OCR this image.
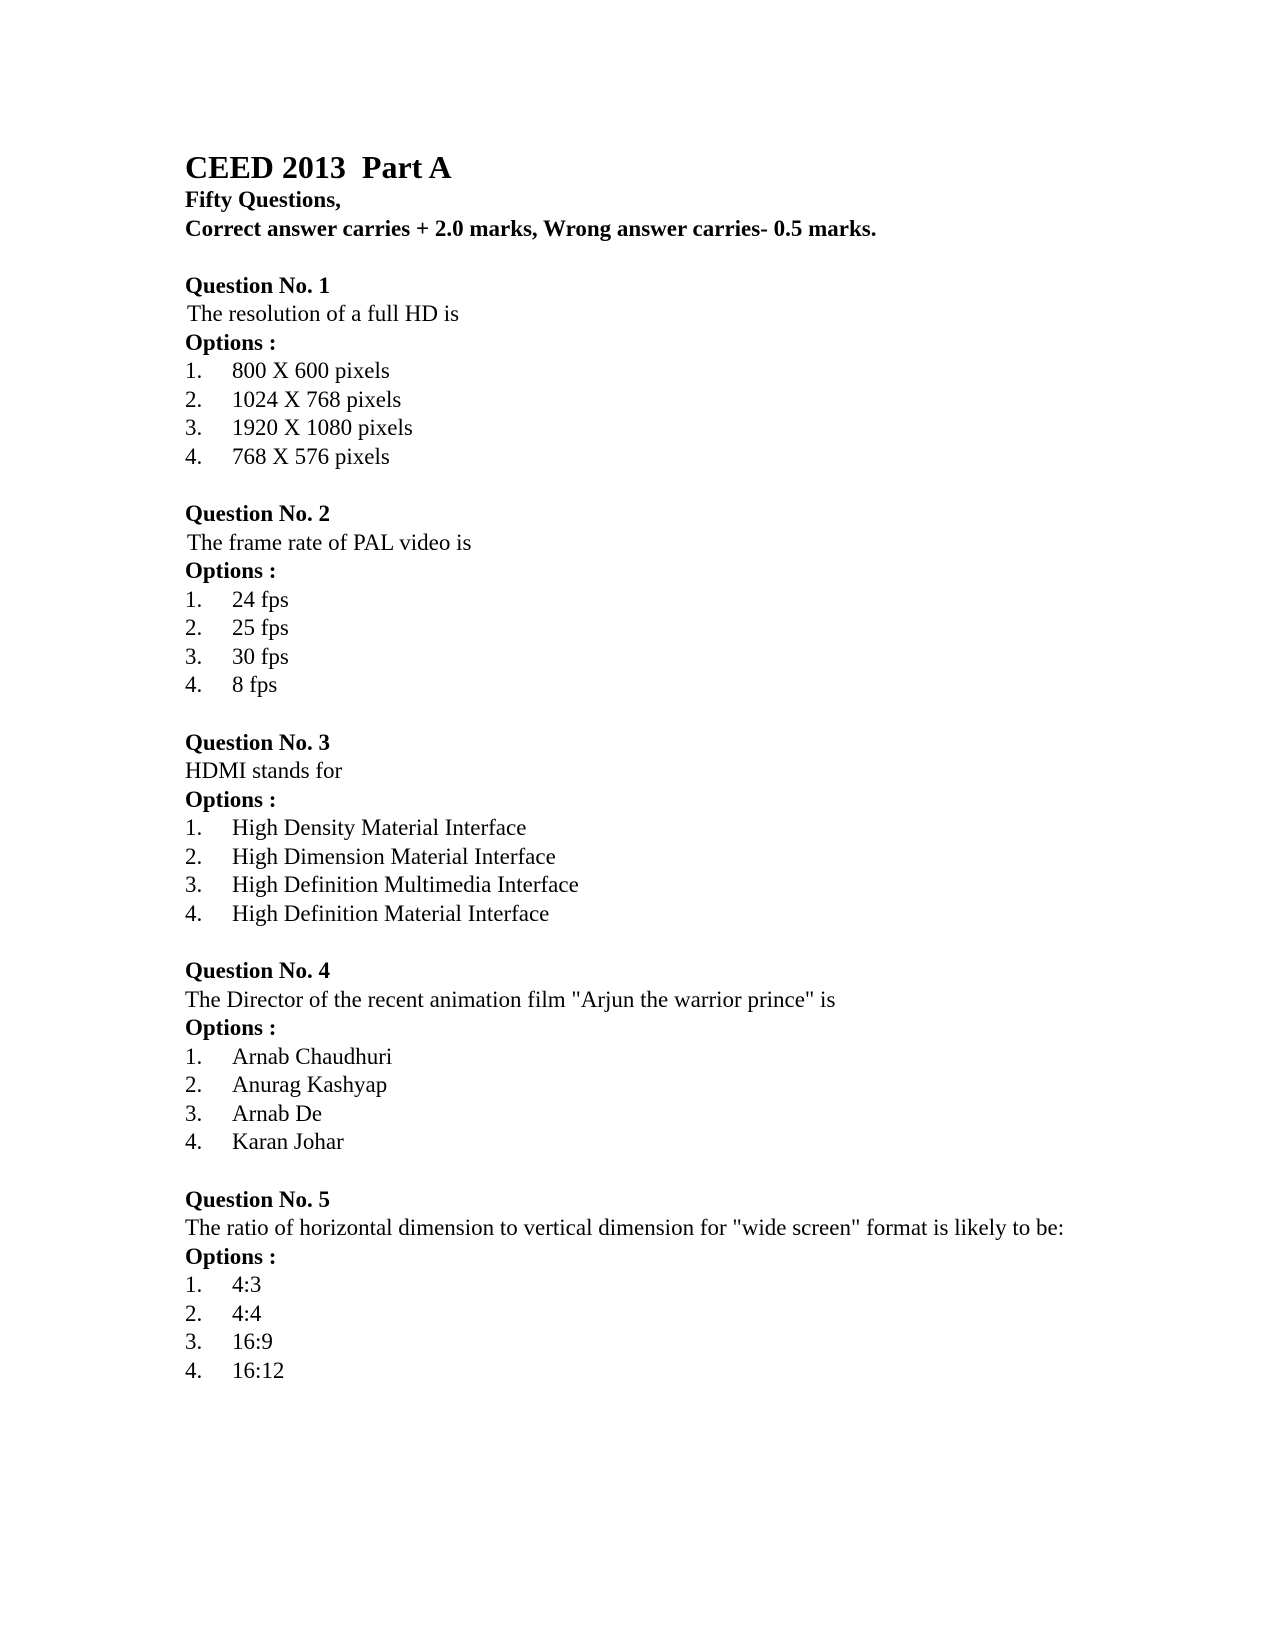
CEED 2013  Part A

Fifty Questions,

Correct answer carries + 2.0 marks, Wrong answer carries- 0.5 marks.

Question No. 1

The resolution of a full HD is

Options :

1.	800 X 600 pixels
2.	1024 X 768 pixels
3.	1920 X 1080 pixels
4.	768 X 576 pixels

Question No. 2

The frame rate of PAL video is

Options :

1.	24 fps
2.	25 fps
3.	30 fps
4.	8 fps

Question No. 3

HDMI stands for

Options :

1.	High Density Material Interface
2.	High Dimension Material Interface
3.	High Definition Multimedia Interface
4.	High Definition Material Interface

Question No. 4

The Director of the recent animation film "Arjun the warrior prince" is

Options :

1.	Arnab Chaudhuri
2.	Anurag Kashyap
3.	Arnab De
4.	Karan Johar

Question No. 5

The ratio of horizontal dimension to vertical dimension for "wide screen" format is likely to be:

Options :

1.	4:3
2.	4:4
3.	16:9
4.	16:12
